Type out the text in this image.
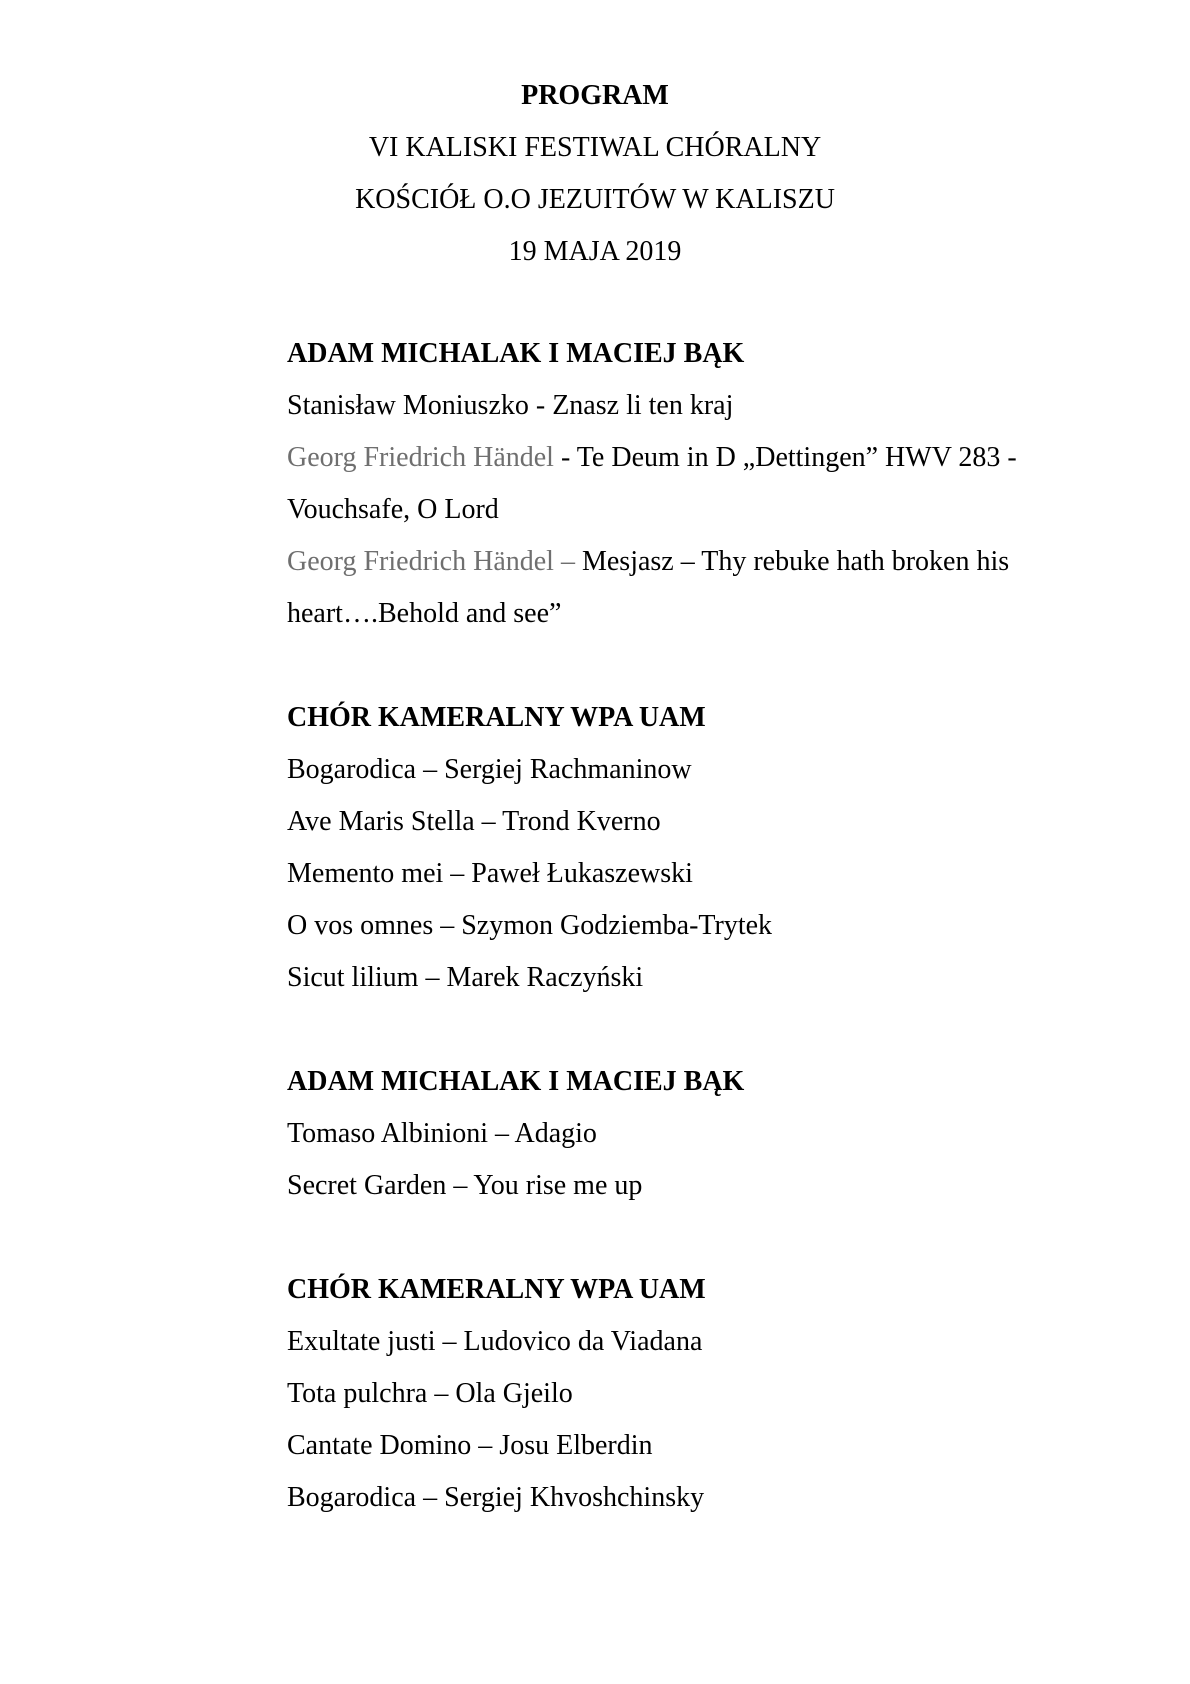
PROGRAM
VI KALISKI FESTIWAL CHÓRALNY
KOŚCIÓŁ O.O JEZUITÓW W KALISZU
19 MAJA 2019
ADAM MICHALAK I MACIEJ BĄK
Stanisław Moniuszko - Znasz li ten kraj
Georg Friedrich Händel - Te Deum in D „Dettingen” HWV 283 - Vouchsafe, O Lord
Georg Friedrich Händel – Mesjasz – Thy rebuke hath broken his heart….Behold and see”
CHÓR KAMERALNY WPA UAM
Bogarodica – Sergiej Rachmaninow
Ave Maris Stella – Trond Kverno
Memento mei – Paweł Łukaszewski
O vos omnes – Szymon Godziemba-Trytek
Sicut lilium – Marek Raczyński
ADAM MICHALAK I MACIEJ BĄK
Tomaso Albinioni – Adagio
Secret Garden – You rise me up
CHÓR KAMERALNY WPA UAM
Exultate justi – Ludovico da Viadana
Tota pulchra – Ola Gjeilo
Cantate Domino – Josu Elberdin
Bogarodica – Sergiej Khvoshchinsky
